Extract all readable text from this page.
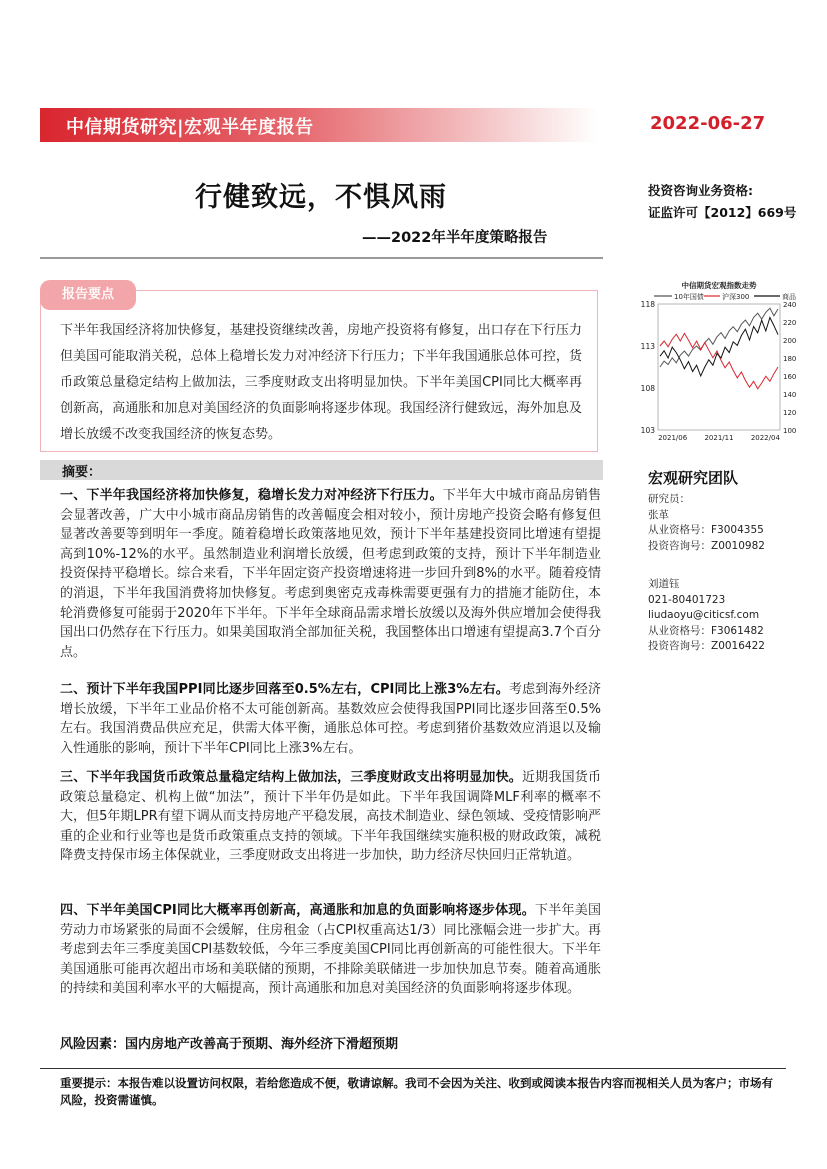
中信期货研究|宏观半年度报告	2022-06-27
行健致远，不惧风雨
——2022年半年度策略报告
投资咨询业务资格:
证监许可【2012】669号
报告要点
下半年我国经济将加快修复，基建投资继续改善，房地产投资将有修复，出口存在下行压力但美国可能取消关税，总体上稳增长发力对冲经济下行压力；下半年我国通胀总体可控，货币政策总量稳定结构上做加法，三季度财政支出将明显加快。下半年美国CPI同比大概率再创新高，高通胀和加息对美国经济的负面影响将逐步体现。我国经济行健致远，海外加息及增长放缓不改变我国经济的恢复态势。
中信期货宏观指数走势
10年国债	沪深300	商品
103
108
113
118
100
120
140
160
180
200
220
240
2021/06 2021/11 2022/04
摘要：
一、下半年我国经济将加快修复，稳增长发力对冲经济下行压力。下半年大中城市商品房销售会显著改善，广大中小城市商品房销售的改善幅度会相对较小，预计房地产投资会略有修复但显著改善要等到明年一季度。随着稳增长政策落地见效，预计下半年基建投资同比增速有望提高到10%-12%的水平。虽然制造业利润增长放缓，但考虑到政策的支持，预计下半年制造业投资保持平稳增长。综合来看，下半年固定资产投资增速将进一步回升到8%的水平。随着疫情的消退，下半年我国消费将加快修复。考虑到奥密克戎毒株需要更强有力的措施才能防住，本轮消费修复可能弱于2020年下半年。下半年全球商品需求增长放缓以及海外供应增加会使得我国出口仍然存在下行压力。如果美国取消全部加征关税，我国整体出口增速有望提高3.7个百分点。
二、预计下半年我国PPI同比逐步回落至0.5%左右，CPI同比上涨3%左右。考虑到海外经济增长放缓，下半年工业品价格不太可能创新高。基数效应会使得我国PPI同比逐步回落至0.5%左右。我国消费品供应充足，供需大体平衡，通胀总体可控。考虑到猪价基数效应消退以及输入性通胀的影响，预计下半年CPI同比上涨3%左右。
三、下半年我国货币政策总量稳定结构上做加法，三季度财政支出将明显加快。近期我国货币政策总量稳定、机构上做“加法”，预计下半年仍是如此。下半年我国调降MLF利率的概率不大，但5年期LPR有望下调从而支持房地产平稳发展，高技术制造业、绿色领域、受疫情影响严重的企业和行业等也是货币政策重点支持的领域。下半年我国继续实施积极的财政政策，减税降费支持保市场主体保就业，三季度财政支出将进一步加快，助力经济尽快回归正常轨道。
四、下半年美国CPI同比大概率再创新高，高通胀和加息的负面影响将逐步体现。下半年美国劳动力市场紧张的局面不会缓解，住房租金（占CPI权重高达1/3）同比涨幅会进一步扩大。再考虑到去年三季度美国CPI基数较低，今年三季度美国CPI同比再创新高的可能性很大。下半年美国通胀可能再次超出市场和美联储的预期，不排除美联储进一步加快加息节奏。随着高通胀的持续和美国利率水平的大幅提高，预计高通胀和加息对美国经济的负面影响将逐步体现。
风险因素：国内房地产改善高于预期、海外经济下滑超预期
重要提示：本报告难以设置访问权限，若给您造成不便，敬请谅解。我司不会因为关注、收到或阅读本报告内容而视相关人员为客户；市场有风险，投资需谨慎。
宏观研究团队
研究员：
张革
从业资格号：F3004355
投资咨询号：Z0010982
刘道钰
021-80401723
liudaoyu@citicsf.com
从业资格号：F3061482
投资咨询号：Z0016422
